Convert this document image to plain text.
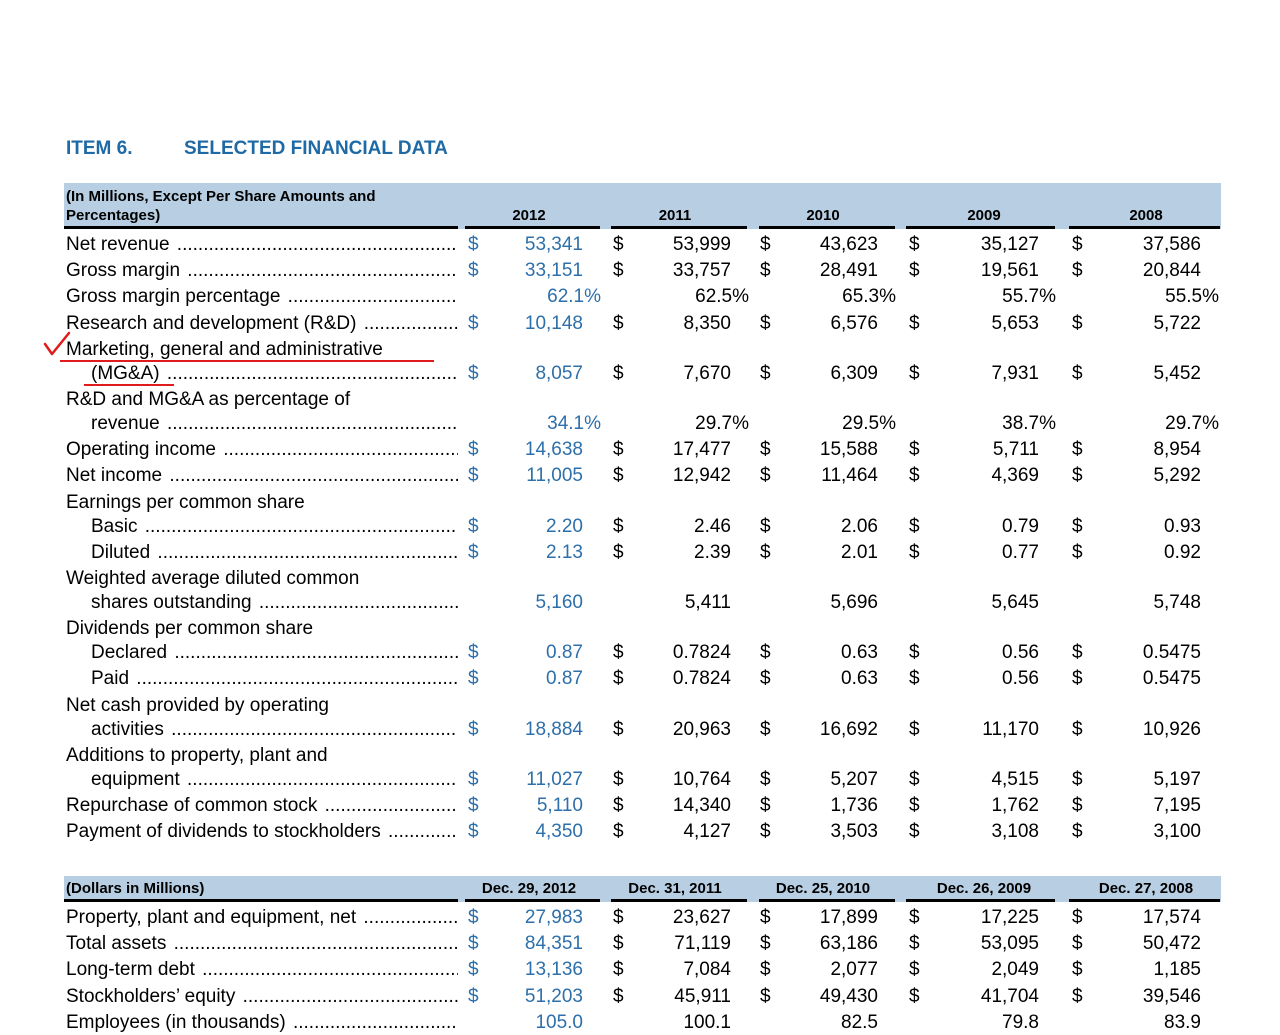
ITEM 6.	SELECTED FINANCIAL DATA
(In Millions, Except Per Share Amounts and
Percentages)	2012	2011	2010	2009	2008
Net revenue .....	$	53,341 $	53,999 $	43,623 $	35,127 $	37,586
Gross margin .....	$	33,151 $	33,757 $	28,491 $	19,561 $	20,844
Gross margin percentage .....	62.1%	62.5%	65.3%	55.7%	55.5%
Research and development (R&D) .....	$	10,148 $	8,350 $	6,576 $	5,653 $	5,722
Marketing, general and administrative
(MG&A) .....	$	8,057 $	7,670 $	6,309 $	7,931 $	5,452
R&D and MG&A as percentage of
revenue .....	34.1%	29.7%	29.5%	38.7%	29.7%
Operating income .....	$	14,638 $	17,477 $	15,588 $	5,711 $	8,954
Net income .....	$	11,005 $	12,942 $	11,464 $	4,369 $	5,292
Earnings per common share
Basic .....	$	2.20 $	2.46 $	2.06 $	0.79 $	0.93
Diluted .....	$	2.13 $	2.39 $	2.01 $	0.77 $	0.92
Weighted average diluted common
shares outstanding .....	5,160	5,411	5,696	5,645	5,748
Dividends per common share
Declared .....	$	0.87 $	0.7824 $	0.63 $	0.56 $	0.5475
Paid .....	$	0.87 $	0.7824 $	0.63 $	0.56 $	0.5475
Net cash provided by operating
activities .....	$	18,884 $	20,963 $	16,692 $	11,170 $	10,926
Additions to property, plant and
equipment .....	$	11,027 $	10,764 $	5,207 $	4,515 $	5,197
Repurchase of common stock .....	$	5,110 $	14,340 $	1,736 $	1,762 $	7,195
Payment of dividends to stockholders .....	$	4,350 $	4,127 $	3,503 $	3,108 $	3,100
(Dollars in Millions)	Dec. 29, 2012	Dec. 31, 2011	Dec. 25, 2010	Dec. 26, 2009	Dec. 27, 2008
Property, plant and equipment, net .....	$	27,983 $	23,627 $	17,899 $	17,225 $	17,574
Total assets .....	$	84,351 $	71,119 $	63,186 $	53,095 $	50,472
Long-term debt .....	$	13,136 $	7,084 $	2,077 $	2,049 $	1,185
Stockholders’ equity .....	$	51,203 $	45,911 $	49,430 $	41,704 $	39,546
Employees (in thousands) .....	105.0	100.1	82.5	79.8	83.9
